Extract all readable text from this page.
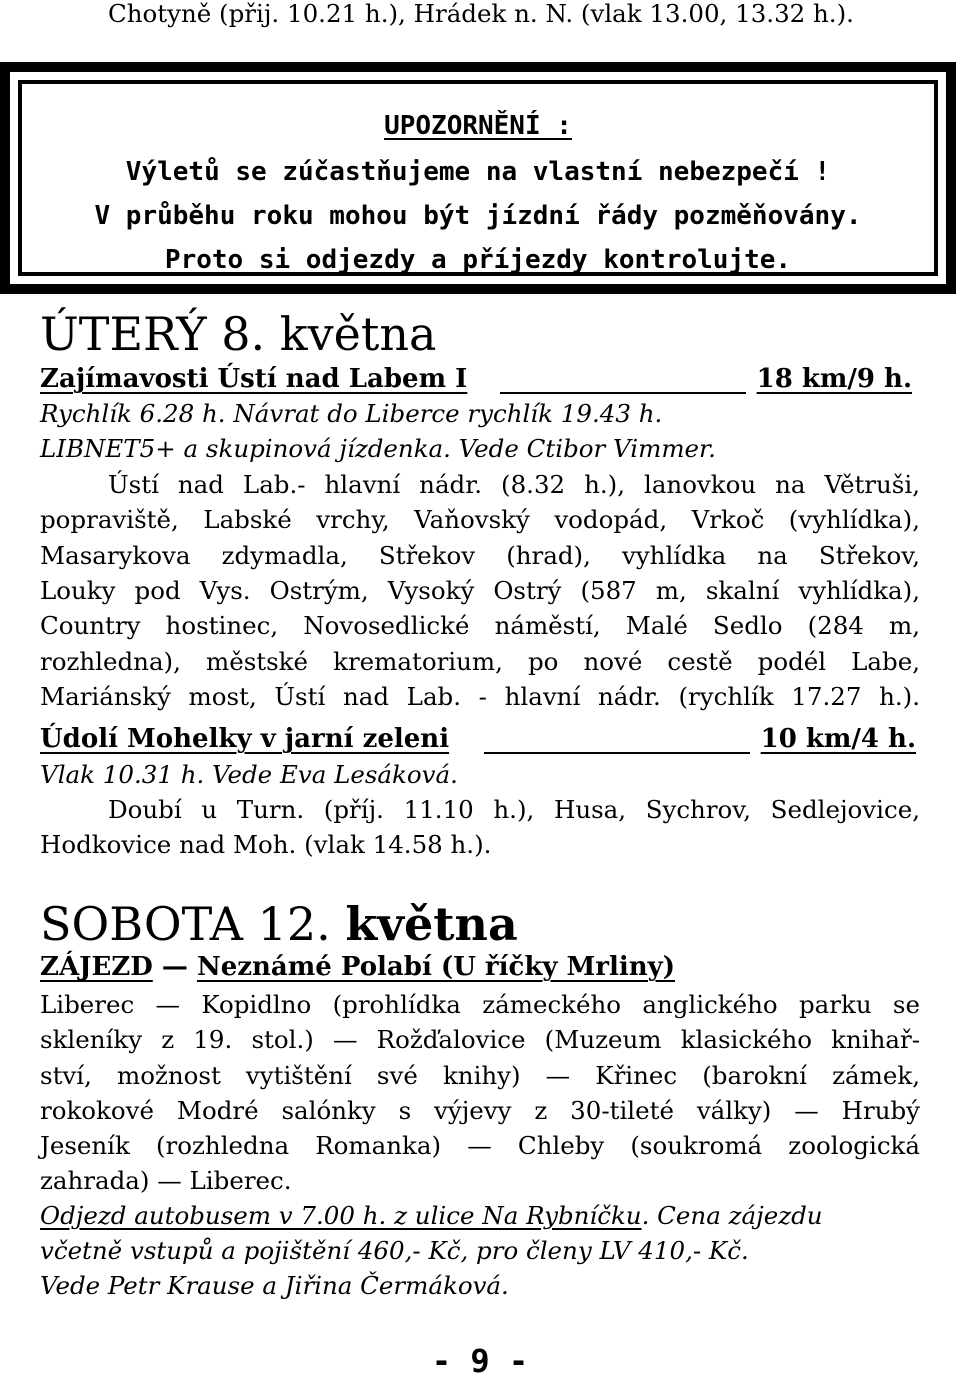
Chotyně (přij. 10.21 h.), Hrádek n. N. (vlak 13.00, 13.32 h.).
UPOZORNĚNÍ :
Výletů se zúčastňujeme na vlastní nebezpečí !
V průběhu roku mohou být jízdní řády pozměňovány.
Proto si odjezdy a příjezdy kontrolujte.
ÚTERÝ 8. května
Zajímavosti Ústí nad Labem I	18 km/9 h.
Rychlík 6.28 h. Návrat do Liberce rychlík 19.43 h.
LIBNET5+ a skupinová jízdenka. Vede Ctibor Vimmer.
Ústí nad Lab.- hlavní nádr. (8.32 h.), lanovkou na Větruši,
popraviště, Labské vrchy, Vaňovský vodopád, Vrkoč (vyhlídka),
Masarykova zdymadla, Střekov (hrad), vyhlídka na Střekov,
Louky pod Vys. Ostrým, Vysoký Ostrý (587 m, skalní vyhlídka),
Country hostinec, Novosedlické náměstí, Malé Sedlo (284 m,
rozhledna), městské krematorium, po nové cestě podél Labe,
Mariánský most, Ústí nad Lab. - hlavní nádr. (rychlík 17.27 h.).
Údolí Mohelky v jarní zeleni	10 km/4 h.
Vlak 10.31 h. Vede Eva Lesáková.
Doubí u Turn. (příj. 11.10 h.), Husa, Sychrov, Sedlejovice,
Hodkovice nad Moh. (vlak 14.58 h.).
SOBOTA 12. května
ZÁJEZD — Neznámé Polabí (U říčky Mrliny)
Liberec — Kopidlno (prohlídka zámeckého anglického parku se
skleníky z 19. stol.) — Rožďalovice (Muzeum klasického knihař-
ství, možnost vytištění své knihy) — Křinec (barokní zámek,
rokokové Modré salónky s výjevy z 30-tileté války) — Hrubý
Jeseník (rozhledna Romanka) — Chleby (soukromá zoologická
zahrada) — Liberec.
Odjezd autobusem v 7.00 h. z ulice Na Rybníčku. Cena zájezdu
včetně vstupů a pojištění 460,- Kč, pro členy LV 410,- Kč.
Vede Petr Krause a Jiřina Čermáková.
- 9 -
